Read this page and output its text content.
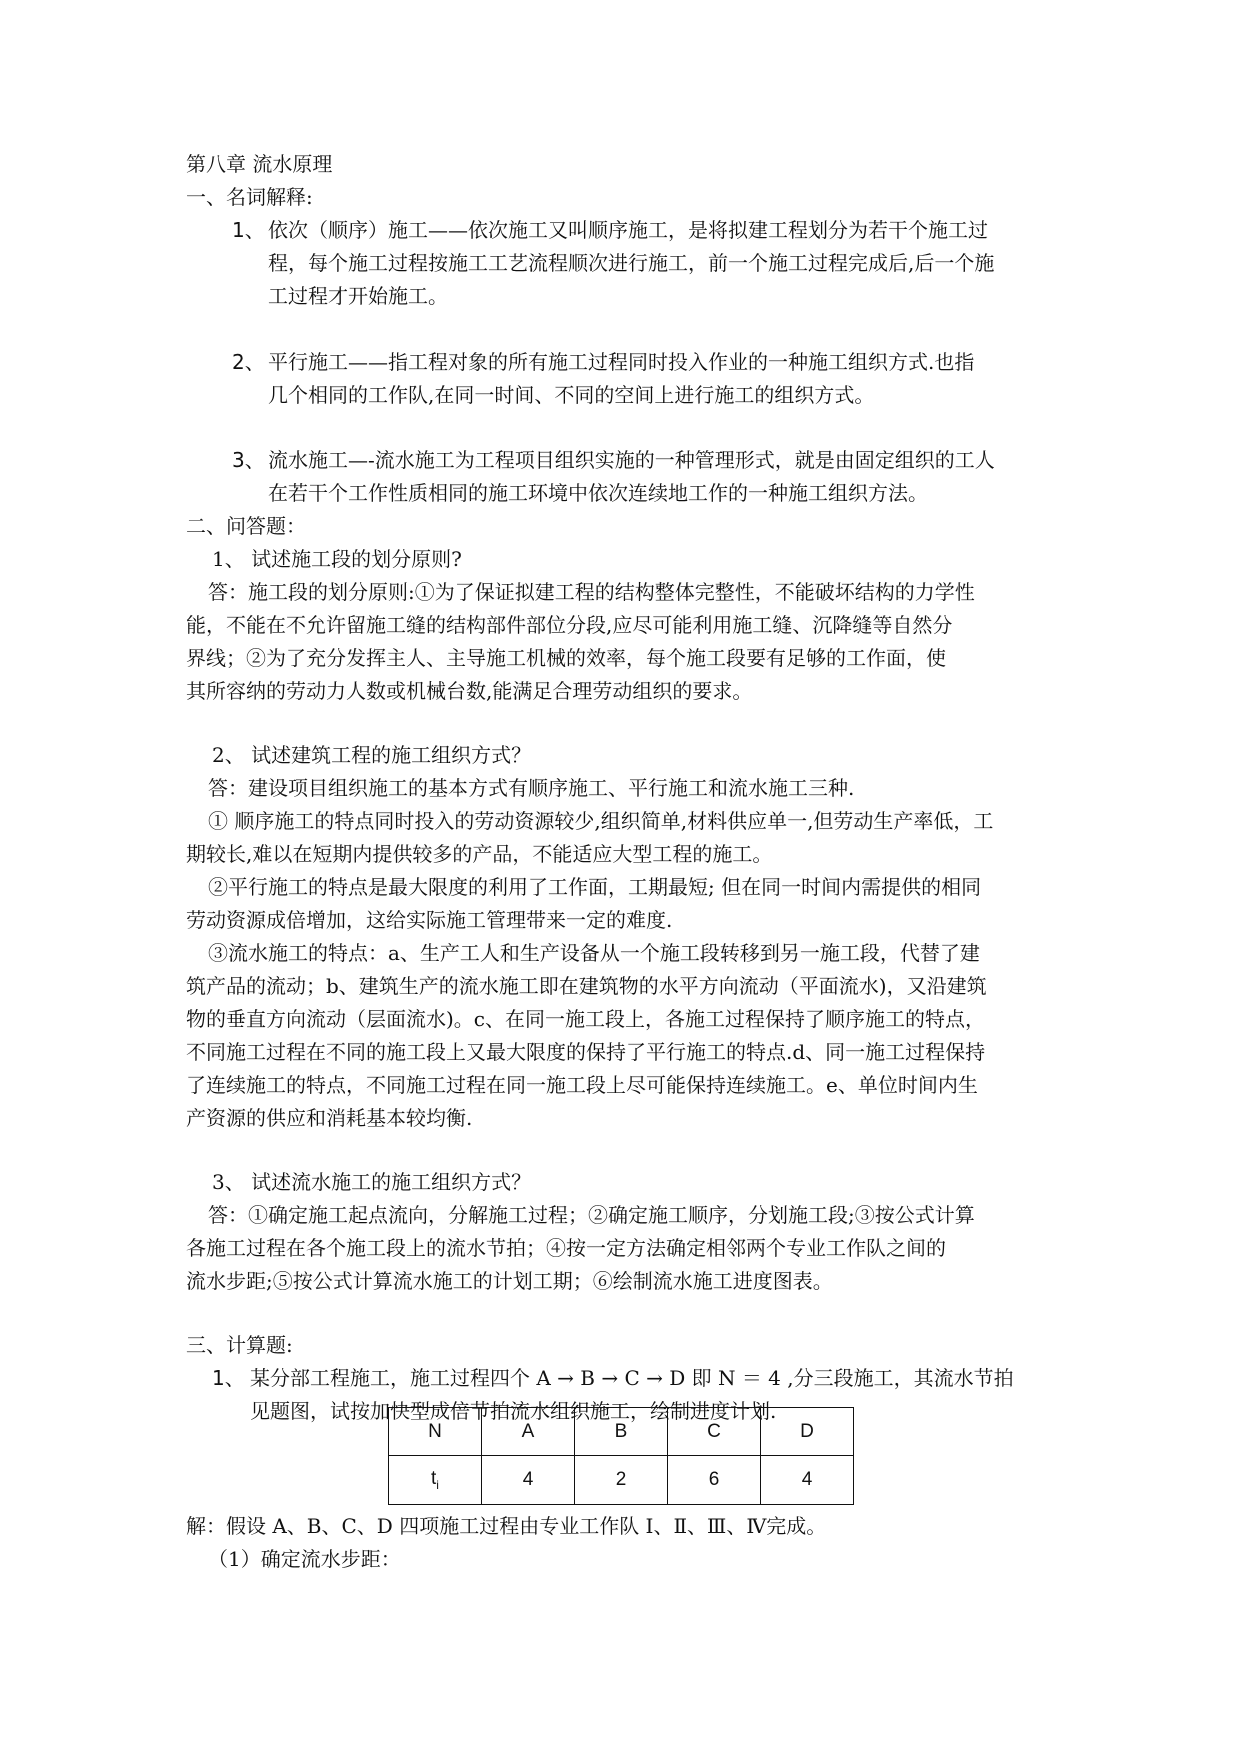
第八章 流水原理
一、名词解释:
1、 依次（顺序）施工——依次施工又叫顺序施工，是将拟建工程划分为若干个施工过
程，每个施工过程按施工工艺流程顺次进行施工，前一个施工过程完成后,后一个施
工过程才开始施工。
2、 平行施工——指工程对象的所有施工过程同时投入作业的一种施工组织方式.也指
几个相同的工作队,在同一时间、不同的空间上进行施工的组织方式。
3、 流水施工—-流水施工为工程项目组织实施的一种管理形式，就是由固定组织的工人
在若干个工作性质相同的施工环境中依次连续地工作的一种施工组织方法。
二、问答题：
1、 试述施工段的划分原则?
答：施工段的划分原则:①为了保证拟建工程的结构整体完整性，不能破坏结构的力学性
能，不能在不允许留施工缝的结构部件部位分段,应尽可能利用施工缝、沉降缝等自然分
界线；②为了充分发挥主人、主导施工机械的效率，每个施工段要有足够的工作面，使
其所容纳的劳动力人数或机械台数,能满足合理劳动组织的要求。
2、 试述建筑工程的施工组织方式？
答：建设项目组织施工的基本方式有顺序施工、平行施工和流水施工三种.
① 顺序施工的特点同时投入的劳动资源较少,组织简单,材料供应单一,但劳动生产率低，工
期较长,难以在短期内提供较多的产品，不能适应大型工程的施工。
②平行施工的特点是最大限度的利用了工作面，工期最短; 但在同一时间内需提供的相同
劳动资源成倍增加，这给实际施工管理带来一定的难度.
③流水施工的特点：a、生产工人和生产设备从一个施工段转移到另一施工段，代替了建
筑产品的流动；b、建筑生产的流水施工即在建筑物的水平方向流动（平面流水)，又沿建筑
物的垂直方向流动（层面流水)。c、在同一施工段上，各施工过程保持了顺序施工的特点，
不同施工过程在不同的施工段上又最大限度的保持了平行施工的特点.d、同一施工过程保持
了连续施工的特点，不同施工过程在同一施工段上尽可能保持连续施工。e、单位时间内生
产资源的供应和消耗基本较均衡.
3、 试述流水施工的施工组织方式？
答：①确定施工起点流向，分解施工过程；②确定施工顺序，分划施工段;③按公式计算
各施工过程在各个施工段上的流水节拍；④按一定方法确定相邻两个专业工作队之间的
流水步距;⑤按公式计算流水施工的计划工期；⑥绘制流水施工进度图表。
三、计算题:
1、 某分部工程施工，施工过程四个 A → B → C → D 即 N ＝ 4 ,分三段施工，其流水节拍
见题图，试按加快型成倍节拍流水组织施工，绘制进度计划.
N	A	B	C	D
$t_i$	4	2	6	4
解：假设 A、B、C、D 四项施工过程由专业工作队 Ⅰ、Ⅱ、Ⅲ、Ⅳ完成。
（1）确定流水步距：
